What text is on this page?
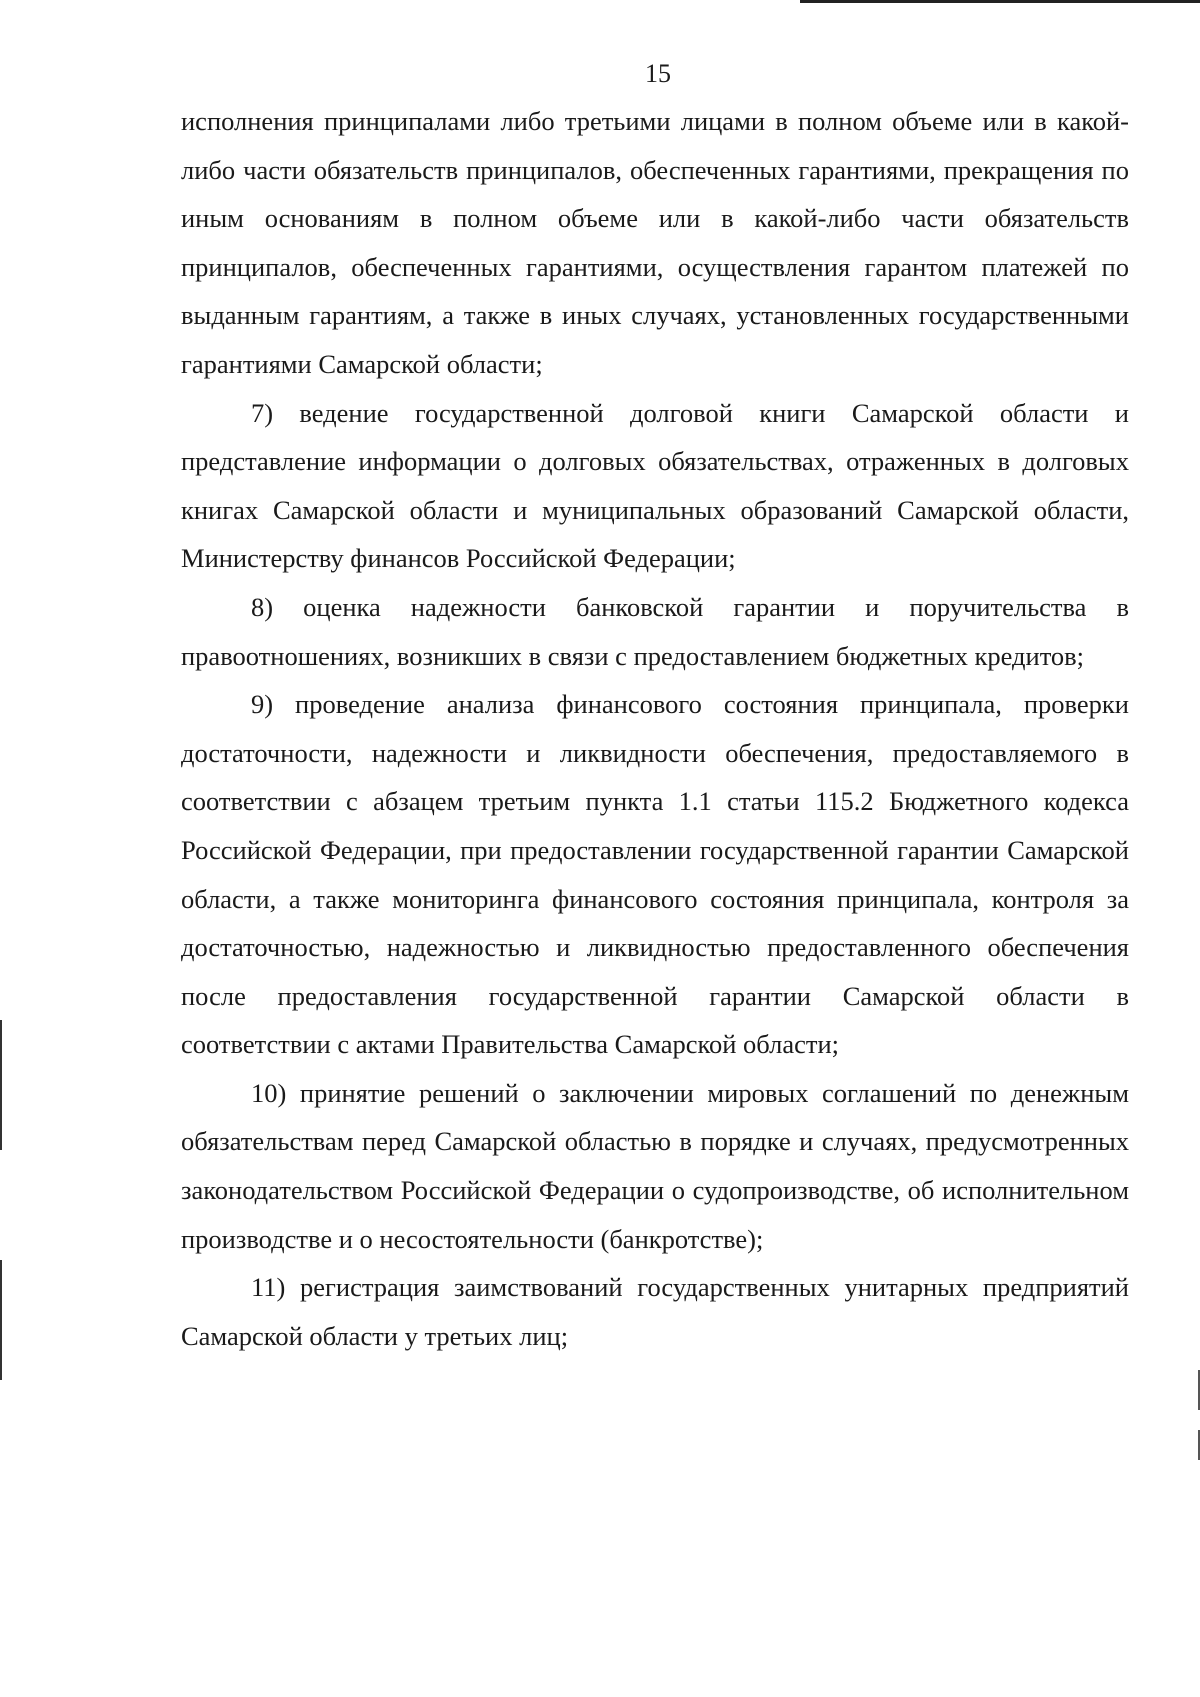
15

исполнения принципалами либо третьими лицами в полном объеме или в какой-либо части обязательств принципалов, обеспеченных гарантиями, прекращения по иным основаниям в полном объеме или в какой-либо части обязательств принципалов, обеспеченных гарантиями, осуществления гарантом платежей по выданным гарантиям, а также в иных случаях, установленных государственными гарантиями Самарской области;

7) ведение государственной долговой книги Самарской области и представление информации о долговых обязательствах, отраженных в долговых книгах Самарской области и муниципальных образований Самарской области, Министерству финансов Российской Федерации;

8) оценка надежности банковской гарантии и поручительства в правоотношениях, возникших в связи с предоставлением бюджетных кредитов;

9) проведение анализа финансового состояния принципала, проверки достаточности, надежности и ликвидности обеспечения, предоставляемого в соответствии с абзацем третьим пункта 1.1 статьи 115.2 Бюджетного кодекса Российской Федерации, при предоставлении государственной гарантии Самарской области, а также мониторинга финансового состояния принципала, контроля за достаточностью, надежностью и ликвидностью предоставленного обеспечения после предоставления государственной гарантии Самарской области в соответствии с актами Правительства Самарской области;

10) принятие решений о заключении мировых соглашений по денежным обязательствам перед Самарской областью в порядке и случаях, предусмотренных законодательством Российской Федерации о судопроизводстве, об исполнительном производстве и о несостоятельности (банкротстве);

11) регистрация заимствований государственных унитарных предприятий Самарской области у третьих лиц;
